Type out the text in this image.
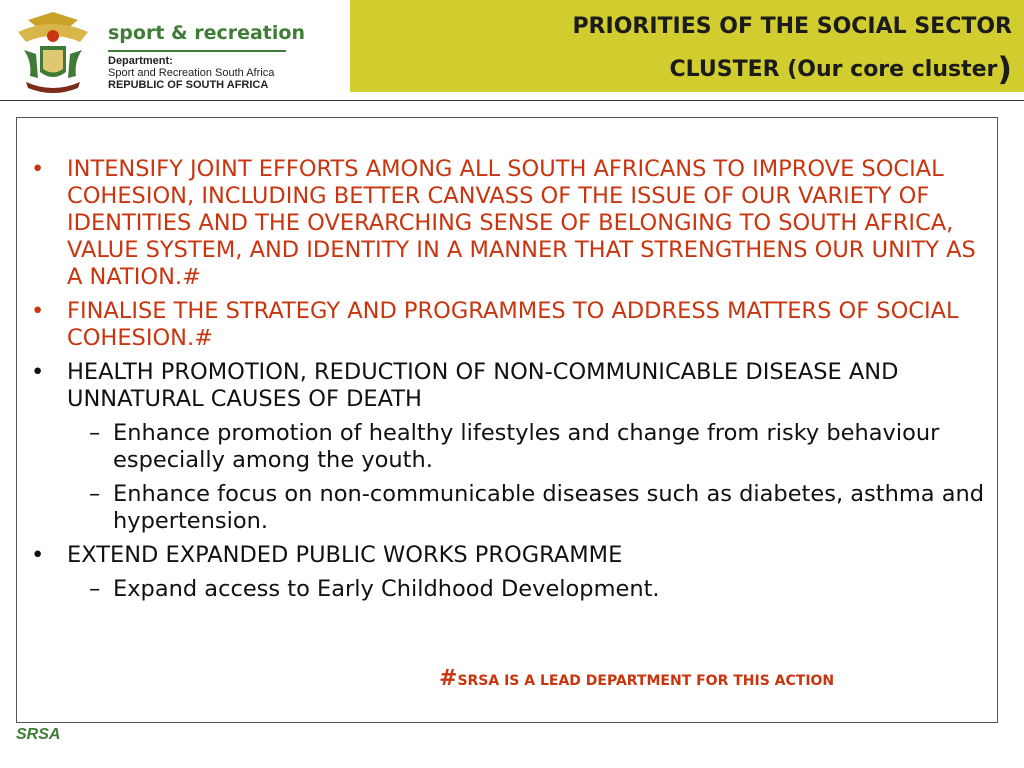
sport & recreation
Department:
Sport and Recreation South Africa
REPUBLIC OF SOUTH AFRICA
PRIORITIES OF THE SOCIAL SECTOR
CLUSTER (Our core cluster)
• INTENSIFY JOINT EFFORTS AMONG ALL SOUTH AFRICANS TO IMPROVE SOCIAL COHESION, INCLUDING BETTER CANVASS OF THE ISSUE OF OUR VARIETY OF IDENTITIES AND THE OVERARCHING SENSE OF BELONGING TO SOUTH AFRICA, VALUE SYSTEM, AND IDENTITY IN A MANNER THAT STRENGTHENS OUR UNITY AS A NATION.#
• FINALISE THE STRATEGY AND PROGRAMMES TO ADDRESS MATTERS OF SOCIAL COHESION.#
• HEALTH PROMOTION, REDUCTION OF NON-COMMUNICABLE DISEASE AND UNNATURAL CAUSES OF DEATH
– Enhance promotion of healthy lifestyles and change from risky behaviour especially among the youth.
– Enhance focus on non-communicable diseases such as diabetes, asthma and hypertension.
• EXTEND EXPANDED PUBLIC WORKS PROGRAMME
– Expand access to Early Childhood Development.
#SRSA IS A LEAD DEPARTMENT FOR THIS ACTION
SRSA
